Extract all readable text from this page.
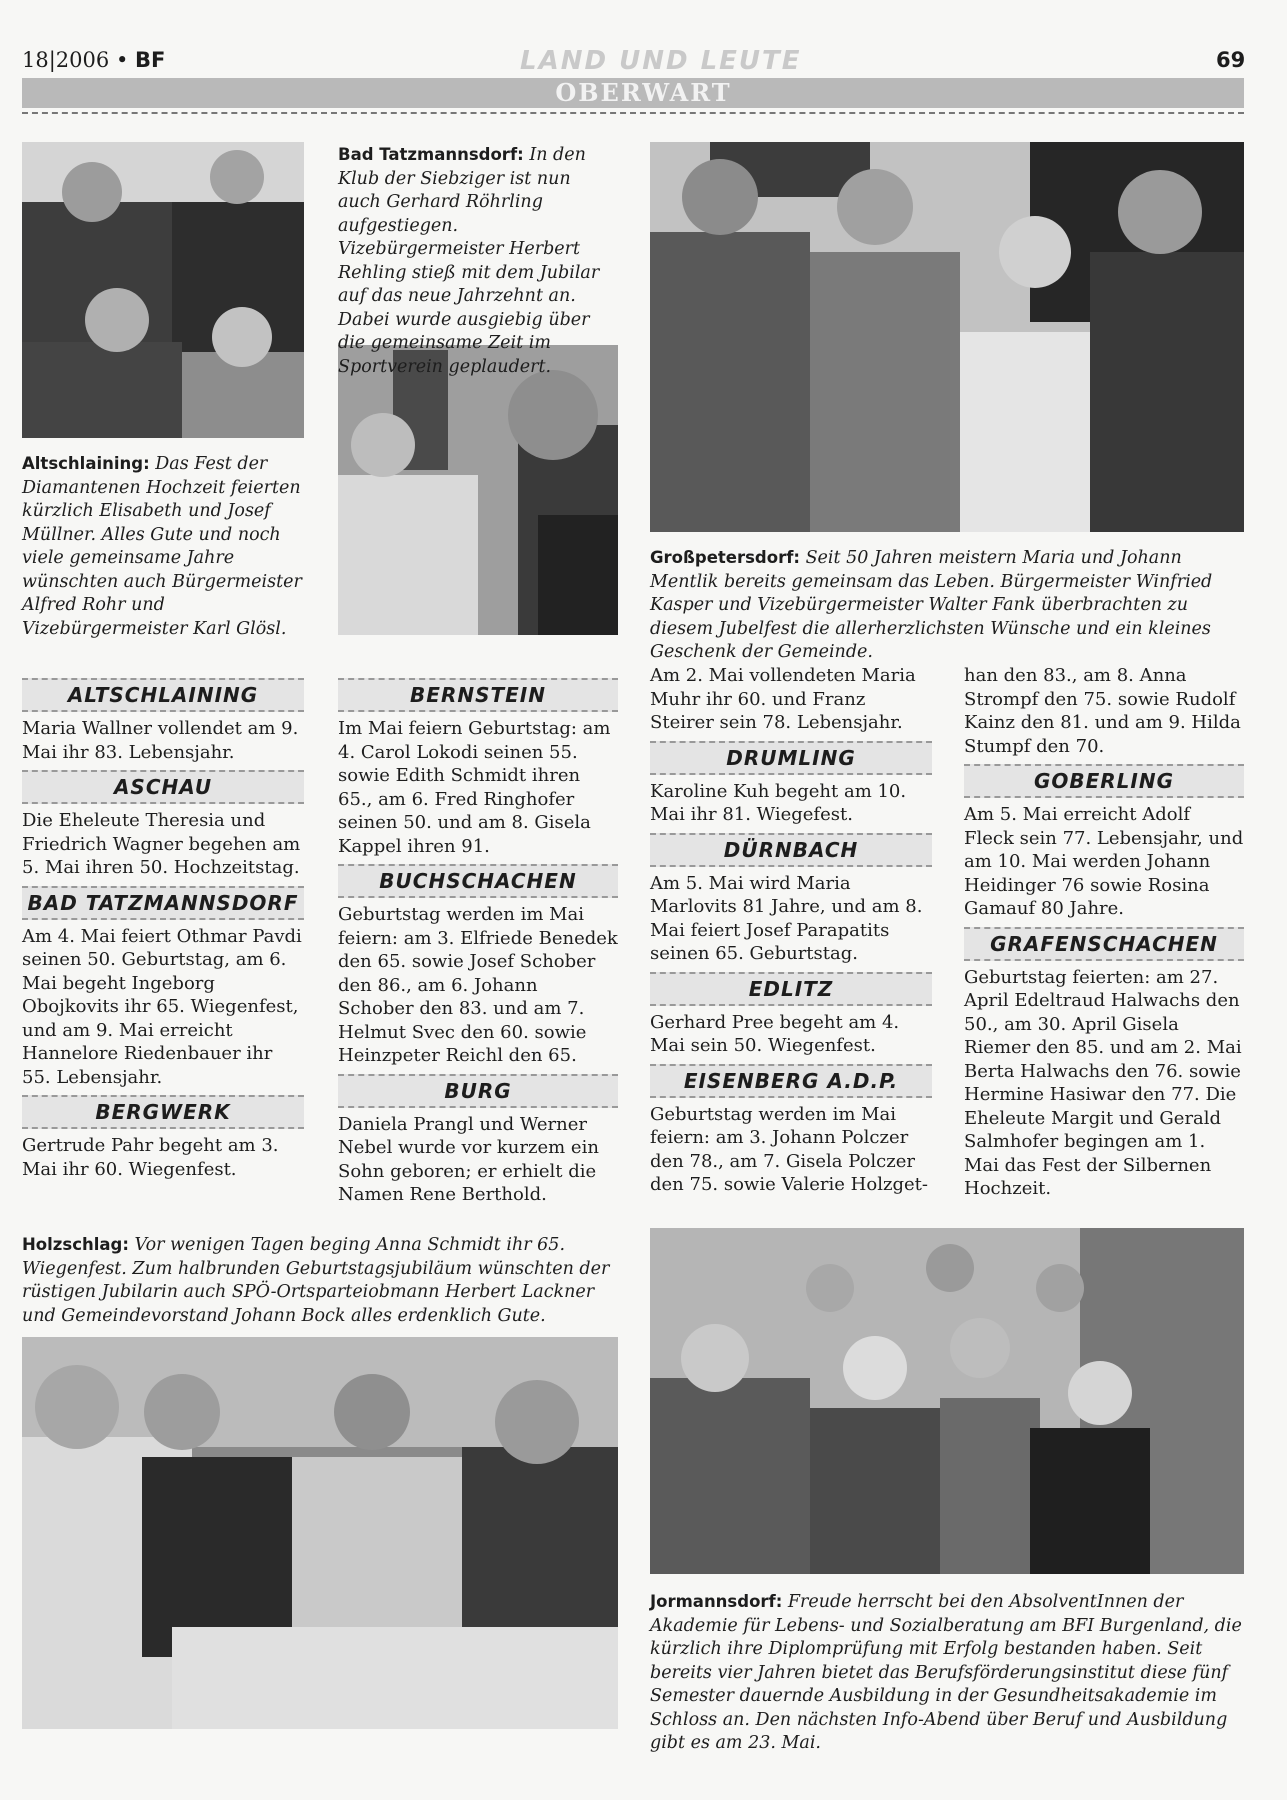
18|2006 • BF	LAND UND LEUTE	69
OBERWART
Altschlaining: Das Fest der Diamantenen Hochzeit feierten kürzlich Elisabeth und Josef Müllner. Alles Gute und noch viele gemeinsame Jahre wünschten auch Bürgermeister Alfred Rohr und Vizebürgermeister Karl Glösl.
Bad Tatzmannsdorf: In den Klub der Siebziger ist nun auch Gerhard Röhrling aufgestiegen. Vizebürgermeister Herbert Rehling stieß mit dem Jubilar auf das neue Jahrzehnt an. Dabei wurde ausgiebig über die gemeinsame Zeit im Sportverein geplaudert.
Großpetersdorf: Seit 50 Jahren meistern Maria und Johann Mentlik bereits gemeinsam das Leben. Bürgermeister Winfried Kasper und Vizebürgermeister Walter Fank überbrachten zu diesem Jubelfest die allerherzlichsten Wünsche und ein kleines Geschenk der Gemeinde.
Holzschlag: Vor wenigen Tagen beging Anna Schmidt ihr 65. Wiegenfest. Zum halbrunden Geburtstagsjubiläum wünschten der rüstigen Jubilarin auch SPÖ-Ortsparteiobmann Herbert Lackner und Gemeindevorstand Johann Bock alles erdenklich Gute.
Jormannsdorf: Freude herrscht bei den AbsolventInnen der Akademie für Lebens- und Sozialberatung am BFI Burgenland, die kürzlich ihre Diplomprüfung mit Erfolg bestanden haben. Seit bereits vier Jahren bietet das Berufsförderungsinstitut diese fünf Semester dauernde Ausbildung in der Gesundheitsakademie im Schloss an. Den nächsten Info-Abend über Beruf und Ausbildung gibt es am 23. Mai.
ALTSCHLAINING
Maria Wallner vollendet am 9. Mai ihr 83. Lebensjahr.
ASCHAU
Die Eheleute Theresia und Friedrich Wagner begehen am 5. Mai ihren 50. Hochzeitstag.
BAD TATZMANNSDORF
Am 4. Mai feiert Othmar Pavdi seinen 50. Geburtstag, am 6. Mai begeht Ingeborg Obojkovits ihr 65. Wiegenfest, und am 9. Mai erreicht Hannelore Riedenbauer ihr 55. Lebensjahr.
BERGWERK
Gertrude Pahr begeht am 3. Mai ihr 60. Wiegenfest.
BERNSTEIN
Im Mai feiern Geburtstag: am 4. Carol Lokodi seinen 55. sowie Edith Schmidt ihren 65., am 6. Fred Ringhofer seinen 50. und am 8. Gisela Kappel ihren 91.
BUCHSCHACHEN
Geburtstag werden im Mai feiern: am 3. Elfriede Benedek den 65. sowie Josef Schober den 86., am 6. Johann Schober den 83. und am 7. Helmut Svec den 60. sowie Heinzpeter Reichl den 65.
BURG
Daniela Prangl und Werner Nebel wurde vor kurzem ein Sohn geboren; er erhielt die Namen Rene Berthold.
Am 2. Mai vollendeten Maria Muhr ihr 60. und Franz Steirer sein 78. Lebensjahr.
DRUMLING
Karoline Kuh begeht am 10. Mai ihr 81. Wiegefest.
DÜRNBACH
Am 5. Mai wird Maria Marlovits 81 Jahre, und am 8. Mai feiert Josef Parapatits seinen 65. Geburtstag.
EDLITZ
Gerhard Pree begeht am 4. Mai sein 50. Wiegenfest.
EISENBERG A.D.P.
Geburtstag werden im Mai feiern: am 3. Johann Polczer den 78., am 7. Gisela Polczer den 75. sowie Valerie Holzget-
han den 83., am 8. Anna Strompf den 75. sowie Rudolf Kainz den 81. und am 9. Hilda Stumpf den 70.
GOBERLING
Am 5. Mai erreicht Adolf Fleck sein 77. Lebensjahr, und am 10. Mai werden Johann Heidinger 76 sowie Rosina Gamauf 80 Jahre.
GRAFENSCHACHEN
Geburtstag feierten: am 27. April Edeltraud Halwachs den 50., am 30. April Gisela Riemer den 85. und am 2. Mai Berta Halwachs den 76. sowie Hermine Hasiwar den 77. Die Eheleute Margit und Gerald Salmhofer begingen am 1. Mai das Fest der Silbernen Hochzeit.
